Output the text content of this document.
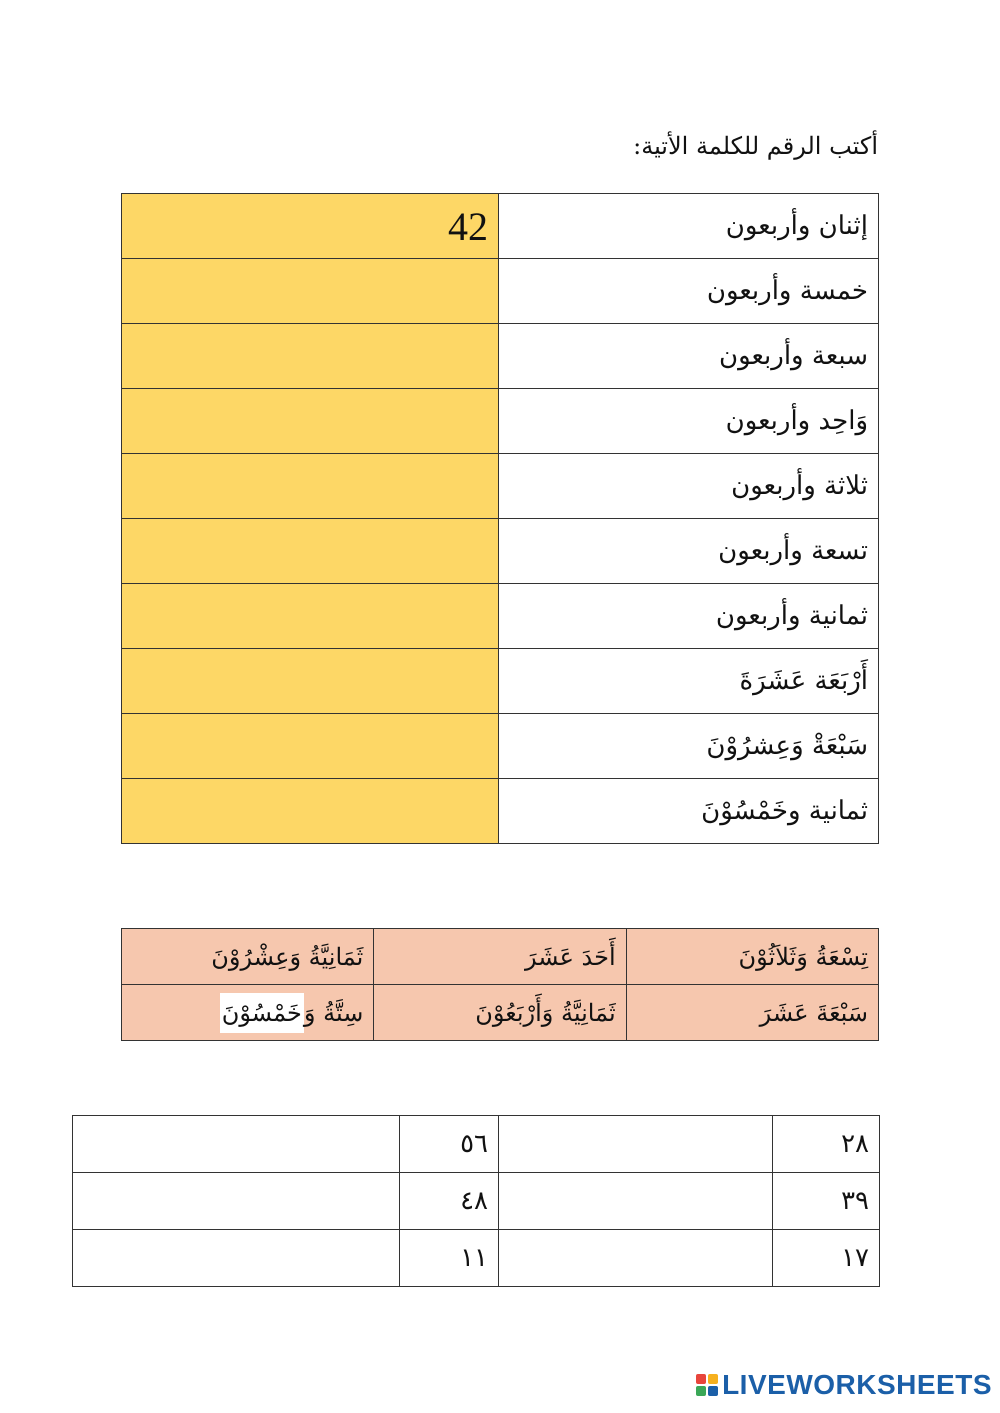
أكتب الرقم للكلمة الأتية:
42	إثنان وأربعون
	خمسة وأربعون
	سبعة وأربعون
	وَاحِد وأربعون
	ثلاثة وأربعون
	تسعة وأربعون
	ثمانية وأربعون
	أَرْبَعَة عَشَرَةَ
	سَبْعَةْ وَعِشرُوْنَ
	ثمانية وخَمْسُوْنَ
ثَمَانِيَّةُ وَعِشْرُوْنَ	أَحَدَ عَشَرَ	تِسْعَةُ وَثَلاَثُوْنَ
سِتَّةُ وَخَمْسُوْنَ	ثَمَانِيَّةُ وَأَرْبَعُوْنَ	سَبْعَةَ عَشَرَ
	٥٦		٢٨
	٤٨		٣٩
	١١		١٧
LIVEWORKSHEETS
